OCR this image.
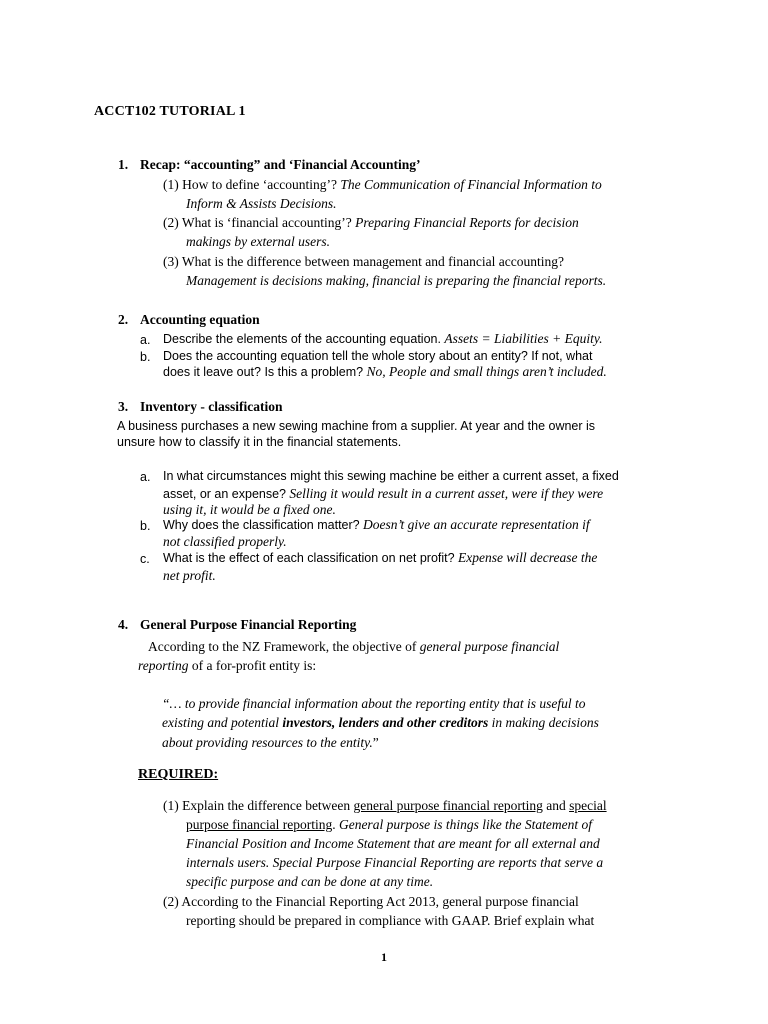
ACCT102 TUTORIAL 1
1. Recap: “accounting” and ‘Financial Accounting’
(1) How to define ‘accounting’? The Communication of Financial Information to
Inform & Assists Decisions.
(2) What is ‘financial accounting’? Preparing Financial Reports for decision
makings by external users.
(3) What is the difference between management and financial accounting?
Management is decisions making, financial is preparing the financial reports.
2. Accounting equation
a. Describe the elements of the accounting equation. Assets = Liabilities + Equity.
b. Does the accounting equation tell the whole story about an entity? If not, what
does it leave out? Is this a problem? No, People and small things aren’t included.
3. Inventory - classification
A business purchases a new sewing machine from a supplier. At year and the owner is
unsure how to classify it in the financial statements.
a. In what circumstances might this sewing machine be either a current asset, a fixed
asset, or an expense? Selling it would result in a current asset, were if they were
using it, it would be a fixed one.
b. Why does the classification matter? Doesn’t give an accurate representation if
not classified properly.
c. What is the effect of each classification on net profit? Expense will decrease the
net profit.
4. General Purpose Financial Reporting
According to the NZ Framework, the objective of general purpose financial
reporting of a for-profit entity is:
“… to provide financial information about the reporting entity that is useful to
existing and potential investors, lenders and other creditors in making decisions
about providing resources to the entity.”
REQUIRED:
(1) Explain the difference between general purpose financial reporting and special
purpose financial reporting. General purpose is things like the Statement of
Financial Position and Income Statement that are meant for all external and
internals users. Special Purpose Financial Reporting are reports that serve a
specific purpose and can be done at any time.
(2) According to the Financial Reporting Act 2013, general purpose financial
reporting should be prepared in compliance with GAAP. Brief explain what
1
